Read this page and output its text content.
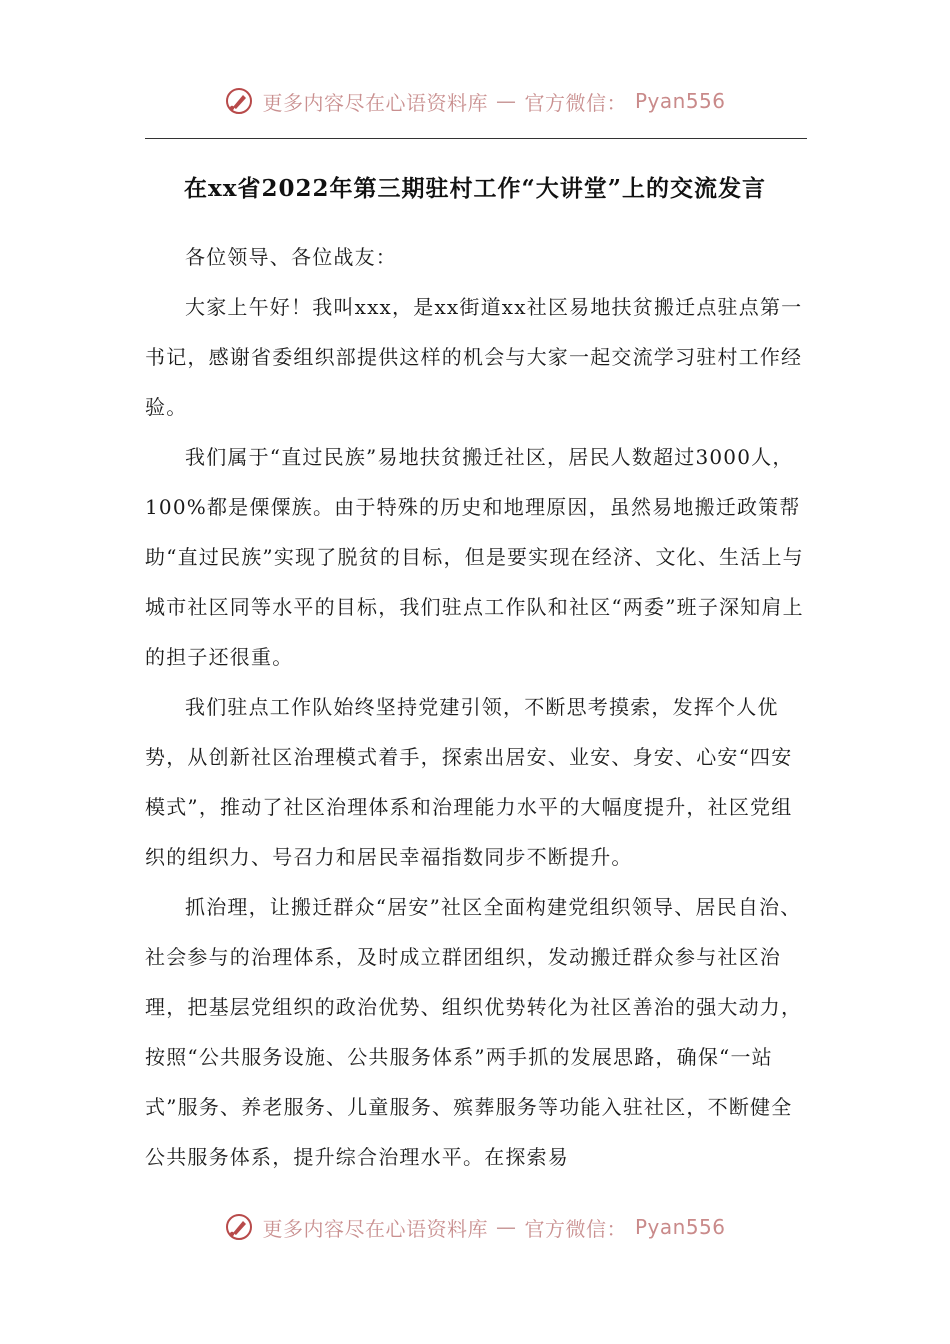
更多内容尽在心语资料库 — 官方微信： Pyan556
在xx省2022年第三期驻村工作“大讲堂”上的交流发言

各位领导、各位战友：

大家上午好！我叫xxx，是xx街道xx社区易地扶贫搬迁点驻点第一书记，感谢省委组织部提供这样的机会与大家一起交流学习驻村工作经验。

我们属于“直过民族”易地扶贫搬迁社区，居民人数超过3000人，100%都是傈僳族。由于特殊的历史和地理原因，虽然易地搬迁政策帮助“直过民族”实现了脱贫的目标，但是要实现在经济、文化、生活上与城市社区同等水平的目标，我们驻点工作队和社区“两委”班子深知肩上的担子还很重。

我们驻点工作队始终坚持党建引领，不断思考摸索，发挥个人优势，从创新社区治理模式着手，探索出居安、业安、身安、心安“四安模式”，推动了社区治理体系和治理能力水平的大幅度提升，社区党组织的组织力、号召力和居民幸福指数同步不断提升。

抓治理，让搬迁群众“居安”社区全面构建党组织领导、居民自治、社会参与的治理体系，及时成立群团组织，发动搬迁群众参与社区治理，把基层党组织的政治优势、组织优势转化为社区善治的强大动力，按照“公共服务设施、公共服务体系”两手抓的发展思路，确保“一站式”服务、养老服务、儿童服务、殡葬服务等功能入驻社区，不断健全公共服务体系，提升综合治理水平。在探索易

更多内容尽在心语资料库 — 官方微信： Pyan556
